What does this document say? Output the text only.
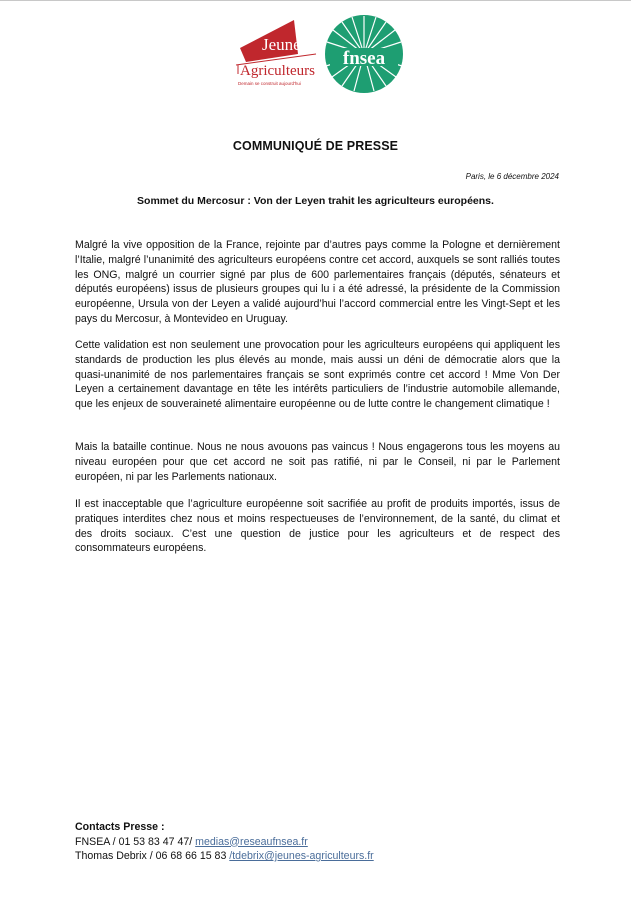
Jeunes
Agriculteurs
Demain se construit aujourd'hui
fnsea
COMMUNIQUÉ DE PRESSE
Paris, le 6 décembre 2024
Sommet du Mercosur : Von der Leyen trahit les agriculteurs européens.

Malgré la vive opposition de la France, rejointe par d’autres pays comme la Pologne et dernièrement l’Italie, malgré l’unanimité des agriculteurs européens contre cet accord, auxquels se sont ralliés toutes les ONG, malgré un courrier signé par plus de 600 parlementaires français (députés, sénateurs et députés européens) issus de plusieurs groupes qui lu i a été adressé, la présidente de la Commission européenne, Ursula von der Leyen a validé aujourd’hui l’accord commercial entre les Vingt-Sept et les pays du Mercosur, à Montevideo en Uruguay.

Cette validation est non seulement une provocation pour les agriculteurs européens qui appliquent les standards de production les plus élevés au monde, mais aussi un déni de démocratie alors que la quasi-unanimité de nos parlementaires français se sont exprimés contre cet accord ! Mme Von Der Leyen a certainement davantage en tête les intérêts particuliers de l’industrie automobile allemande, que les enjeux de souveraineté alimentaire européenne ou de lutte contre le changement climatique !

Mais la bataille continue. Nous ne nous avouons pas vaincus ! Nous engagerons tous les moyens au niveau européen pour que cet accord ne soit pas ratifié, ni par le Conseil, ni par le Parlement européen, ni par les Parlements nationaux.

Il est inacceptable que l’agriculture européenne soit sacrifiée au profit de produits importés, issus de pratiques interdites chez nous et moins respectueuses de l’environnement, de la santé, du climat et des droits sociaux. C’est une question de justice pour les agriculteurs et de respect des consommateurs européens.

Contacts Presse :
FNSEA / 01 53 83 47 47/ medias@reseaufnsea.fr
Thomas Debrix / 06 68 66 15 83 /tdebrix@jeunes-agriculteurs.fr
